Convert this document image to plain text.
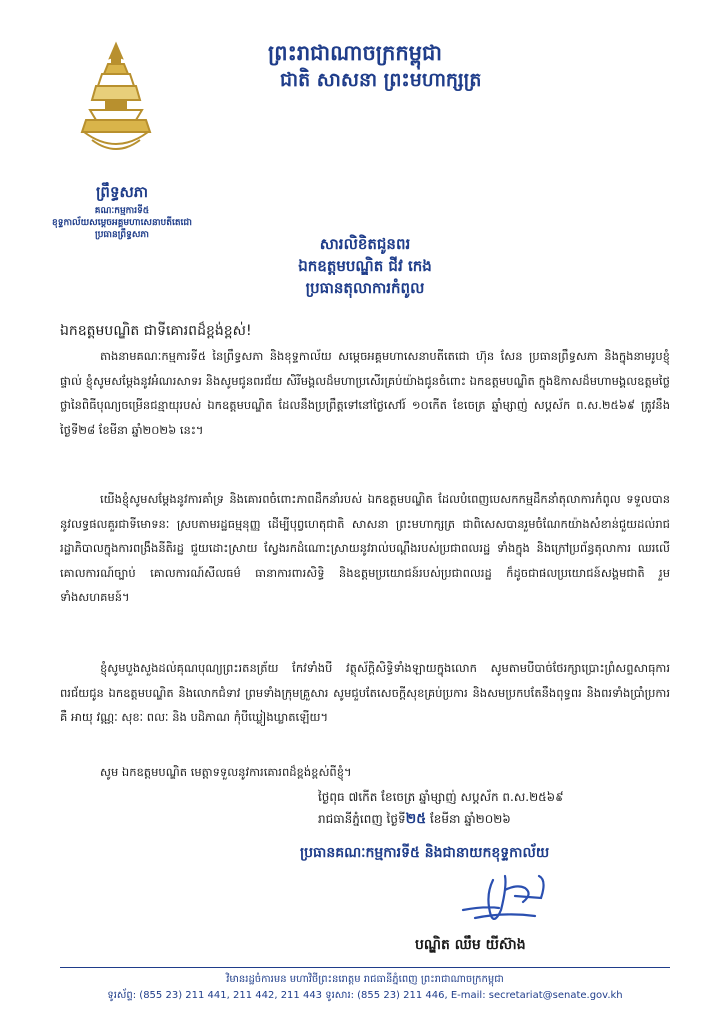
ព្រះរាជាណាចក្រកម្ពុជា
ជាតិ សាសនា ព្រះមហាក្សត្រ
ព្រឹទ្ធសភា
គណៈកម្មការទី៥
ខុទ្ទកាល័យសម្តេចអគ្គមហាសេនាបតីតេជោ
ប្រធានព្រឹទ្ធសភា	សារលិខិតជូនពរ
ឯកឧត្តមបណ្ឌិត ជីវ កេង
ប្រធានតុលាការកំពូល
ឯកឧត្តមបណ្ឌិត ជាទីគោរពដ៏ខ្ពង់ខ្ពស់!
តាងនាមគណៈកម្មការទី៥ នៃព្រឹទ្ធសភា និងខុទ្ទកាល័យ សម្តេចអគ្គមហាសេនាបតីតេជោ ហ៊ុន សែន ប្រធានព្រឹទ្ធសភា និងក្នុងនាមរូបខ្ញុំផ្ទាល់ ខ្ញុំសូមសម្តែងនូវអំណរសាទរ និងសូមជូនពរជ័យ សិរីមង្គលដ៏មហាប្រសើរគ្រប់យ៉ាងជូនចំពោះ ឯកឧត្តមបណ្ឌិត ក្នុងឱកាសដ៏មហាមង្គលឧត្តមថ្លៃថ្លានៃពិធីបុណ្យចម្រើនជន្មាយុរបស់ ឯកឧត្តមបណ្ឌិត ដែលនឹងប្រព្រឹត្តទៅនៅថ្ងៃសៅរ៍ ១០កើត ខែចេត្រ ឆ្នាំម្សាញ់ សប្តស័ក ព.ស.២៥៦៩ ត្រូវនឹងថ្ងៃទី២៨ ខែមីនា ឆ្នាំ២០២៦ នេះ។
យើងខ្ញុំសូមសម្តែងនូវការគាំទ្រ និងគោរពចំពោះភាពដឹកនាំរបស់ ឯកឧត្តមបណ្ឌិត ដែលបំពេញបេសកកម្មដឹកនាំតុលាការកំពូល ទទួលបាននូវលទ្ធផលគួរជាទីមោទនៈ ស្របតាមរដ្ឋធម្មនុញ្ញ ដើម្បីបុព្វហេតុជាតិ សាសនា ព្រះមហាក្សត្រ ជាពិសេសបានរួមចំណែកយ៉ាងសំខាន់ជួយដល់រាជរដ្ឋាភិបាលក្នុងការពង្រឹងនីតិរដ្ឋ ជួយដោះស្រាយ ស្វែងរកដំណោះស្រាយនូវរាល់បណ្តឹងរបស់ប្រជាពលរដ្ឋ ទាំងក្នុង និងក្រៅប្រព័ន្ធតុលាការ ឈរលើគោលការណ៍ច្បាប់ គោលការណ៍សីលធម៌ ធានាការពារសិទ្ធិ និងឧត្តមប្រយោជន៍របស់ប្រជាពលរដ្ឋ ក៏ដូចជាផលប្រយោជន៍សង្គមជាតិ រួមទាំងសហគមន៍។
ខ្ញុំសូមបួងសួងដល់គុណបុណ្យព្រះរតនត្រ័យ កែវទាំងបី វត្ថុស័ក្តិសិទ្ធិទាំងឡាយក្នុងលោក សូមតាមបីបាច់ថែរក្សាប្រោះព្រំសព្ទសាធុការពរជ័យជូន ឯកឧត្តមបណ្ឌិត និងលោកជំទាវ ព្រមទាំងក្រុមគ្រួសារ សូមជួបតែសេចក្តីសុខគ្រប់ប្រការ និងសមប្រកបតែនឹងពុទ្ធពរ និងពរទាំងប្រាំប្រការ គឺ អាយុ វណ្ណៈ សុខៈ ពលៈ និង បដិភាណ កុំបីឃ្លៀងឃ្លាតឡើយ។
សូម ឯកឧត្តមបណ្ឌិត មេត្តាទទួលនូវការគោរពដ៏ខ្ពង់ខ្ពស់ពីខ្ញុំ។
ថ្ងៃពុធ ៧កើត ខែចេត្រ ឆ្នាំម្សាញ់ សប្តស័ក ព.ស.២៥៦៩
រាជធានីភ្នំពេញ ថ្ងៃទី២៥ ខែមីនា ឆ្នាំ២០២៦
ប្រធានគណៈកម្មការទី៥ និងជានាយកខុទ្ទកាល័យ
បណ្ឌិត ឈឹម យីស៊ាង
វិមានរដ្ឋចំការមន មហាវិថីព្រះនរោត្តម រាជធានីភ្នំពេញ ព្រះរាជាណាចក្រកម្ពុជា
ទូរស័ព្ទ: (855 23) 211 441, 211 442, 211 443 ទូរសារ: (855 23) 211 446, E-mail: secretariat@senate.gov.kh
